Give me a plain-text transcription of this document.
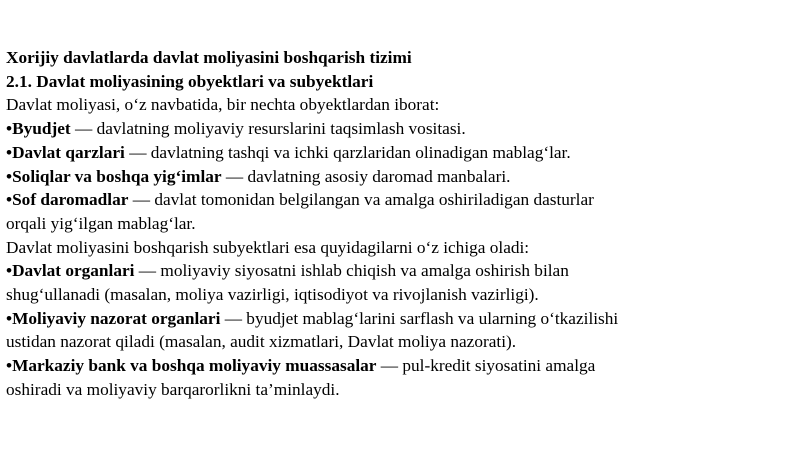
Xorijiy davlatlarda davlat moliyasini boshqarish tizimi
2.1. Davlat moliyasining obyektlari va subyektlari
Davlat moliyasi, o‘z navbatida, bir nechta obyektlardan iborat:
•Byudjet — davlatning moliyaviy resurslarini taqsimlash vositasi.
•Davlat qarzlari — davlatning tashqi va ichki qarzlaridan olinadigan mablag‘lar.
•Soliqlar va boshqa yig‘imlar — davlatning asosiy daromad manbalari.
•Sof daromadlar — davlat tomonidan belgilangan va amalga oshiriladigan dasturlar
orqali yig‘ilgan mablag‘lar.
Davlat moliyasini boshqarish subyektlari esa quyidagilarni o‘z ichiga oladi:
•Davlat organlari — moliyaviy siyosatni ishlab chiqish va amalga oshirish bilan
shug‘ullanadi (masalan, moliya vazirligi, iqtisodiyot va rivojlanish vazirligi).
•Moliyaviy nazorat organlari — byudjet mablag‘larini sarflash va ularning o‘tkazilishi
ustidan nazorat qiladi (masalan, audit xizmatlari, Davlat moliya nazorati).
•Markaziy bank va boshqa moliyaviy muassasalar — pul-kredit siyosatini amalga
oshiradi va moliyaviy barqarorlikni ta’minlaydi.
